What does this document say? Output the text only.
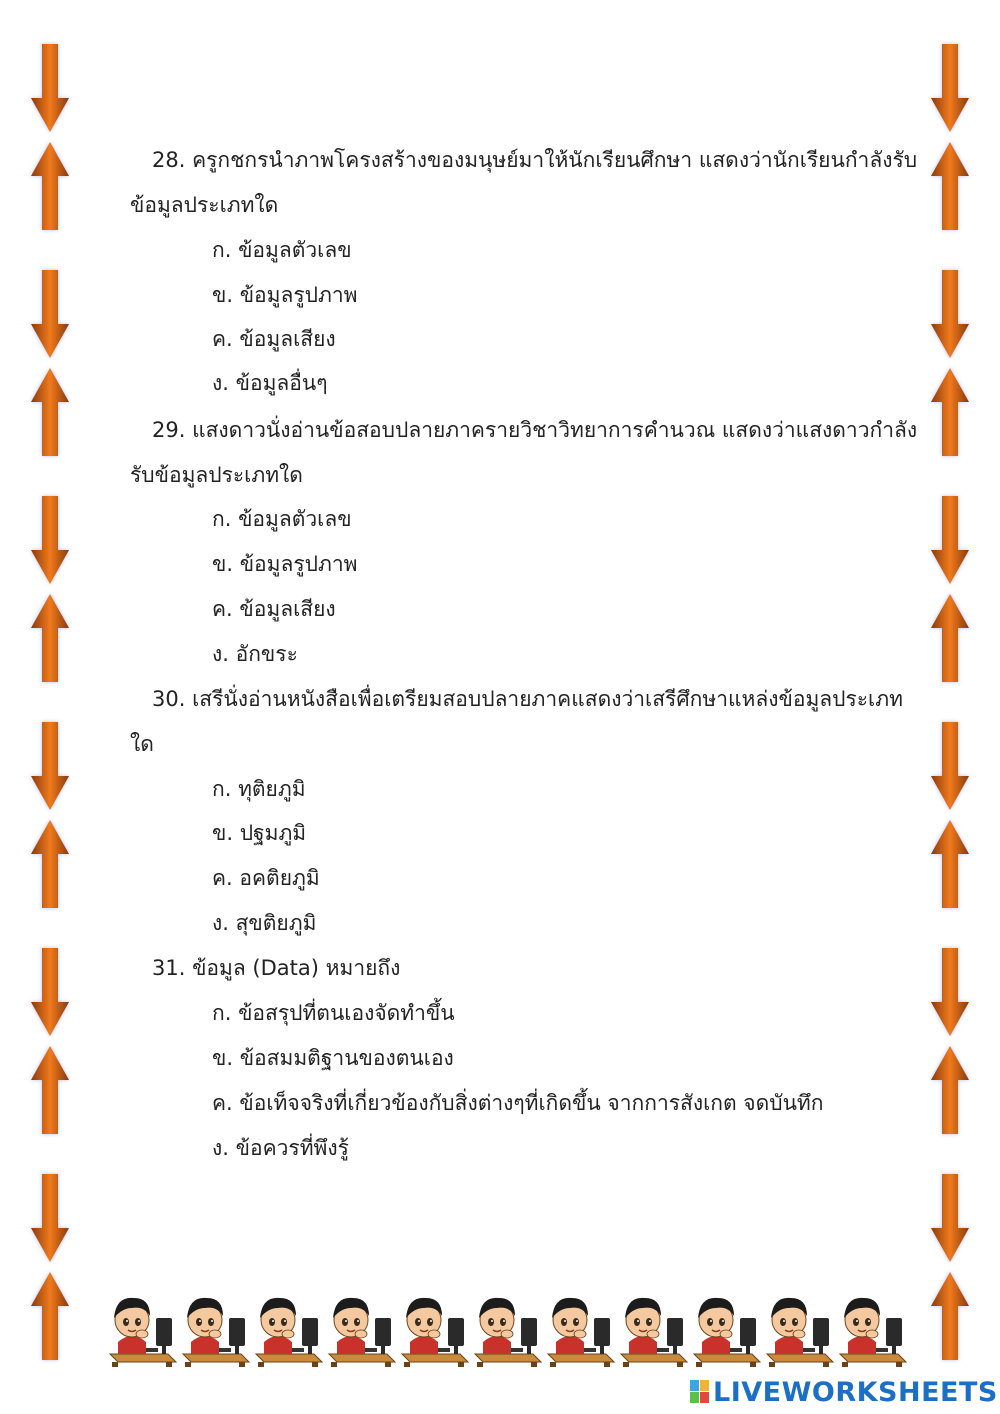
28. ครูกชกรนำภาพโครงสร้างของมนุษย์มาให้นักเรียนศึกษา แสดงว่านักเรียนกำลังรับ
ข้อมูลประเภทใด
ก. ข้อมูลตัวเลข
ข. ข้อมูลรูปภาพ
ค. ข้อมูลเสียง
ง. ข้อมูลอื่นๆ
29. แสงดาวนั่งอ่านข้อสอบปลายภาครายวิชาวิทยาการคำนวณ แสดงว่าแสงดาวกำลัง
รับข้อมูลประเภทใด
ก. ข้อมูลตัวเลข
ข. ข้อมูลรูปภาพ
ค. ข้อมูลเสียง
ง. อักขระ
30. เสรีนั่งอ่านหนังสือเพื่อเตรียมสอบปลายภาคแสดงว่าเสรีศึกษาแหล่งข้อมูลประเภท
ใด
ก. ทุติยภูมิ
ข. ปฐมภูมิ
ค. อคติยภูมิ
ง. สุขติยภูมิ
31. ข้อมูล (Data) หมายถึง
ก. ข้อสรุปที่ตนเองจัดทำขึ้น
ข. ข้อสมมติฐานของตนเอง
ค. ข้อเท็จจริงที่เกี่ยวข้องกับสิ่งต่างๆที่เกิดขึ้น จากการสังเกต จดบันทึก
ง. ข้อควรที่พึงรู้
LIVEWORKSHEETS
